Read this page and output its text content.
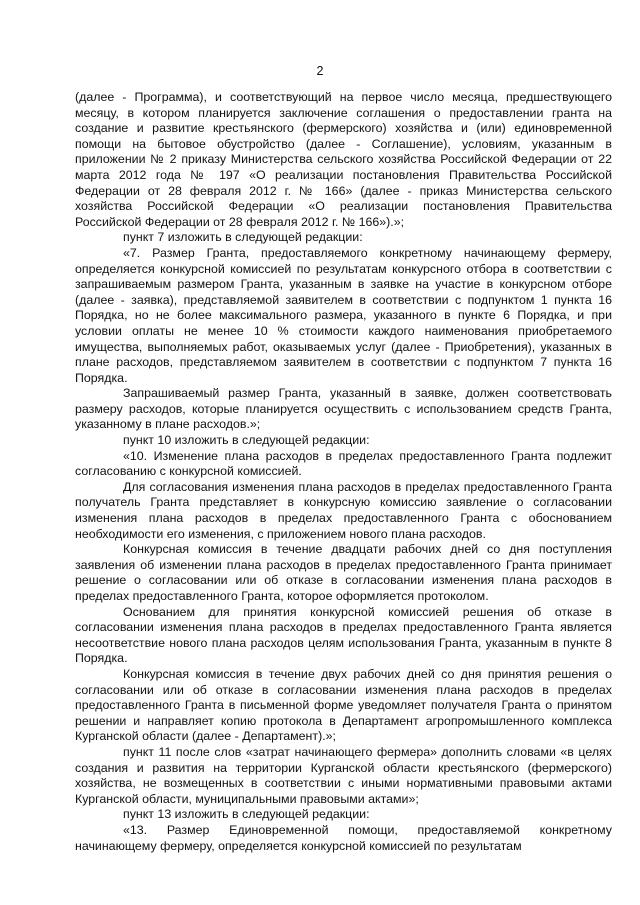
2

(далее - Программа), и соответствующий на первое число месяца, предшествующего месяцу, в котором планируется заключение соглашения о предоставлении гранта на создание и развитие крестьянского (фермерского) хозяйства и (или) единовременной помощи на бытовое обустройство (далее - Соглашение), условиям, указанным в приложении № 2 приказу Министерства сельского хозяйства Российской Федерации от 22 марта 2012 года № 197 «О реализации постановления Правительства Российской Федерации от 28 февраля 2012 г. № 166» (далее - приказ Министерства сельского хозяйства Российской Федерации «О реализации постановления Правительства Российской Федерации от 28 февраля 2012 г. № 166»).»;

пункт 7 изложить в следующей редакции:

«7. Размер Гранта, предоставляемого конкретному начинающему фермеру, определяется конкурсной комиссией по результатам конкурсного отбора в соответствии с запрашиваемым размером Гранта, указанным в заявке на участие в конкурсном отборе (далее - заявка), представляемой заявителем в соответствии с подпунктом 1 пункта 16 Порядка, но не более максимального размера, указанного в пункте 6 Порядка, и при условии оплаты не менее 10 % стоимости каждого наименования приобретаемого имущества, выполняемых работ, оказываемых услуг (далее - Приобретения), указанных в плане расходов, представляемом заявителем в соответствии с подпунктом 7 пункта 16 Порядка.

Запрашиваемый размер Гранта, указанный в заявке, должен соответствовать размеру расходов, которые планируется осуществить с использованием средств Гранта, указанному в плане расходов.»;

пункт 10 изложить в следующей редакции:

«10. Изменение плана расходов в пределах предоставленного Гранта подлежит согласованию с конкурсной комиссией.

Для согласования изменения плана расходов в пределах предоставленного Гранта получатель Гранта представляет в конкурсную комиссию заявление о согласовании изменения плана расходов в пределах предоставленного Гранта с обоснованием необходимости его изменения, с приложением нового плана расходов.

Конкурсная комиссия в течение двадцати рабочих дней со дня поступления заявления об изменении плана расходов в пределах предоставленного Гранта принимает решение о согласовании или об отказе в согласовании изменения плана расходов в пределах предоставленного Гранта, которое оформляется протоколом.

Основанием для принятия конкурсной комиссией решения об отказе в согласовании изменения плана расходов в пределах предоставленного Гранта является несоответствие нового плана расходов целям использования Гранта, указанным в пункте 8 Порядка.

Конкурсная комиссия в течение двух рабочих дней со дня принятия решения о согласовании или об отказе в согласовании изменения плана расходов в пределах предоставленного Гранта в письменной форме уведомляет получателя Гранта о принятом решении и направляет копию протокола в Департамент агропромышленного комплекса Курганской области (далее - Департамент).»;

пункт 11 после слов «затрат начинающего фермера» дополнить словами «в целях создания и развития на территории Курганской области крестьянского (фермерского) хозяйства, не возмещенных в соответствии с иными нормативными правовыми актами Курганской области, муниципальными правовыми актами»;

пункт 13 изложить в следующей редакции:

«13. Размер Единовременной помощи, предоставляемой конкретному начинающему фермеру, определяется конкурсной комиссией по результатам
